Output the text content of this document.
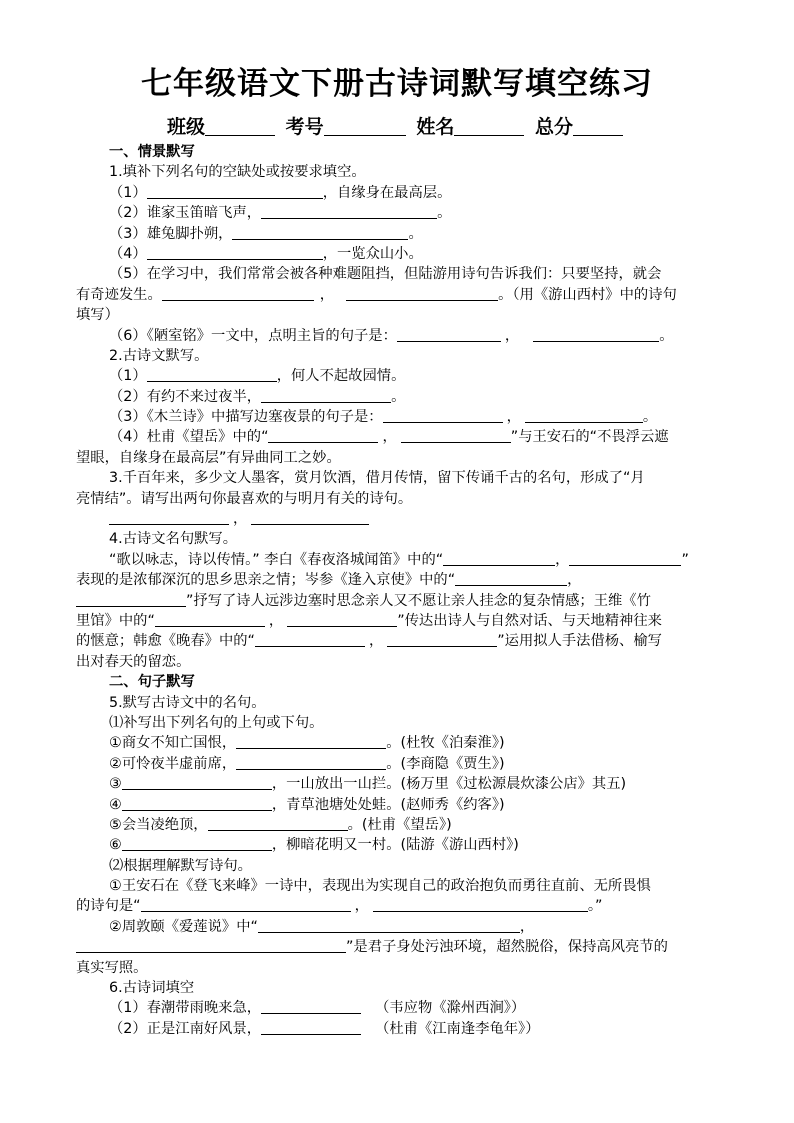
七年级语文下册古诗词默写填空练习
班级	考号	姓名	总分
一、情景默写
1.填补下列名句的空缺处或按要求填空。
（1）	，自缘身在最高层。
（2）谁家玉笛暗飞声，	。
（3）雄兔脚扑朔，	。
（4）	，一览众山小。
（5）在学习中，我们常常会被各种难题阻挡，但陆游用诗句告诉我们：只要坚持，就会
有奇迹发生。	，	。（用《游山西村》中的诗句
填写）
（6）《陋室铭》一文中，点明主旨的句子是：	，	。
2.古诗文默写。
（1）	，何人不起故园情。
（2）有约不来过夜半，	。
（3）《木兰诗》中描写边塞夜景的句子是：	，	。
（4）杜甫《望岳》中的“	，	”与王安石的“不畏浮云遮
望眼，自缘身在最高层”有异曲同工之妙。
3.千百年来，多少文人墨客，赏月饮酒，借月传情，留下传诵千古的名句，形成了“月
亮情结”。请写出两句你最喜欢的与明月有关的诗句。
，
4.古诗文名句默写。
“歌以咏志，诗以传情。” 李白《春夜洛城闻笛》中的“	，	”
表现的是浓郁深沉的思乡思亲之情；岑参《逢入京使》中的“	，
”抒写了诗人远涉边塞时思念亲人又不愿让亲人挂念的复杂情感；王维《竹
里馆》中的“	，	”传达出诗人与自然对话、与天地精神往来
的惬意；韩愈《晚春》中的“	，	”运用拟人手法借杨、榆写
出对春天的留恋。
二、句子默写
5.默写古诗文中的名句。
⑴补写出下列名句的上句或下句。
①商女不知亡国恨，	。(杜牧《泊秦淮》)
②可怜夜半虚前席，	。(李商隐《贾生》)
③	，一山放出一山拦。(杨万里《过松源晨炊漆公店》其五)
④	，青草池塘处处蛙。(赵师秀《约客》)
⑤会当凌绝顶，	。(杜甫《望岳》)
⑥	，柳暗花明又一村。(陆游《游山西村》)
⑵根据理解默写诗句。
①王安石在《登飞来峰》一诗中，表现出为实现自己的政治抱负而勇往直前、无所畏惧
的诗句是“	，	。”
②周敦颐《爱莲说》中“	，
”是君子身处污浊环境，超然脱俗，保持高风亮节的
真实写照。
6.古诗词填空
（1）春潮带雨晚来急，	（韦应物《滁州西涧》）
（2）正是江南好风景，	（杜甫《江南逢李龟年》）
